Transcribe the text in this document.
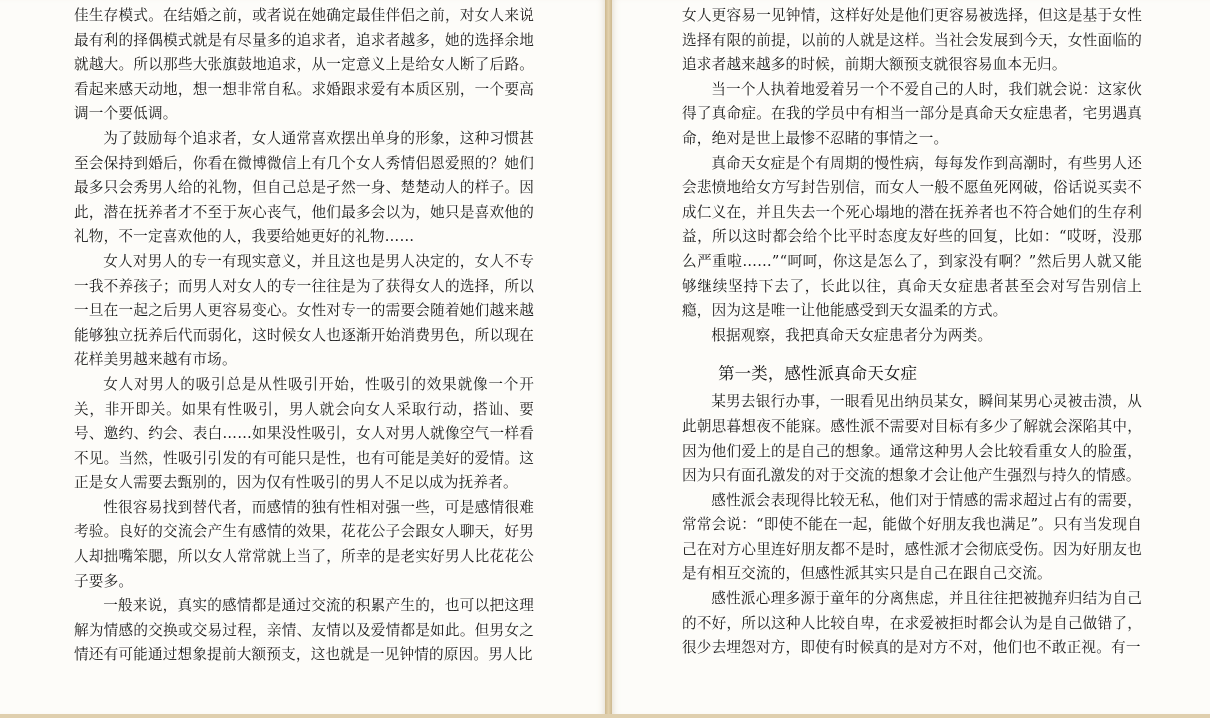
佳生存模式。在结婚之前，或者说在她确定最佳伴侣之前，对女人来说最有利的择偶模式就是有尽量多的追求者，追求者越多，她的选择余地就越大。所以那些大张旗鼓地追求，从一定意义上是给女人断了后路。看起来感天动地，想一想非常自私。求婚跟求爱有本质区别，一个要高调一个要低调。

为了鼓励每个追求者，女人通常喜欢摆出单身的形象，这种习惯甚至会保持到婚后，你看在微博微信上有几个女人秀情侣恩爱照的？她们最多只会秀男人给的礼物，但自己总是孑然一身、楚楚动人的样子。因此，潜在抚养者才不至于灰心丧气，他们最多会以为，她只是喜欢他的礼物，不一定喜欢他的人，我要给她更好的礼物……

女人对男人的专一有现实意义，并且这也是男人决定的，女人不专一我不养孩子；而男人对女人的专一往往是为了获得女人的选择，所以一旦在一起之后男人更容易变心。女性对专一的需要会随着她们越来越能够独立抚养后代而弱化，这时候女人也逐渐开始消费男色，所以现在花样美男越来越有市场。

女人对男人的吸引总是从性吸引开始，性吸引的效果就像一个开关，非开即关。如果有性吸引，男人就会向女人采取行动，搭讪、要号、邀约、约会、表白……如果没性吸引，女人对男人就像空气一样看不见。当然，性吸引引发的有可能只是性，也有可能是美好的爱情。这正是女人需要去甄别的，因为仅有性吸引的男人不足以成为抚养者。

性很容易找到替代者，而感情的独有性相对强一些，可是感情很难考验。良好的交流会产生有感情的效果，花花公子会跟女人聊天，好男人却拙嘴笨腮，所以女人常常就上当了，所幸的是老实好男人比花花公子要多。

一般来说，真实的感情都是通过交流的积累产生的，也可以把这理解为情感的交换或交易过程，亲情、友情以及爱情都是如此。但男女之情还有可能通过想象提前大额预支，这也就是一见钟情的原因。男人比

女人更容易一见钟情，这样好处是他们更容易被选择，但这是基于女性选择有限的前提，以前的人就是这样。当社会发展到今天，女性面临的追求者越来越多的时候，前期大额预支就很容易血本无归。

当一个人执着地爱着另一个不爱自己的人时，我们就会说：这家伙得了真命症。在我的学员中有相当一部分是真命天女症患者，宅男遇真命，绝对是世上最惨不忍睹的事情之一。

真命天女症是个有周期的慢性病，每每发作到高潮时，有些男人还会悲愤地给女方写封告别信，而女人一般不愿鱼死网破，俗话说买卖不成仁义在，并且失去一个死心塌地的潜在抚养者也不符合她们的生存利益，所以这时都会给个比平时态度友好些的回复，比如：“哎呀，没那么严重啦……”“呵呵，你这是怎么了，到家没有啊？”然后男人就又能够继续坚持下去了，长此以往，真命天女症患者甚至会对写告别信上瘾，因为这是唯一让他能感受到天女温柔的方式。

根据观察，我把真命天女症患者分为两类。

第一类，感性派真命天女症

某男去银行办事，一眼看见出纳员某女，瞬间某男心灵被击溃，从此朝思暮想夜不能寐。感性派不需要对目标有多少了解就会深陷其中，因为他们爱上的是自己的想象。通常这种男人会比较看重女人的脸蛋，因为只有面孔激发的对于交流的想象才会让他产生强烈与持久的情感。

感性派会表现得比较无私，他们对于情感的需求超过占有的需要，常常会说：“即使不能在一起，能做个好朋友我也满足”。只有当发现自己在对方心里连好朋友都不是时，感性派才会彻底受伤。因为好朋友也是有相互交流的，但感性派其实只是自己在跟自己交流。

感性派心理多源于童年的分离焦虑，并且往往把被抛弃归结为自己的不好，所以这种人比较自卑，在求爱被拒时都会认为是自己做错了，很少去埋怨对方，即使有时候真的是对方不对，他们也不敢正视。有一
